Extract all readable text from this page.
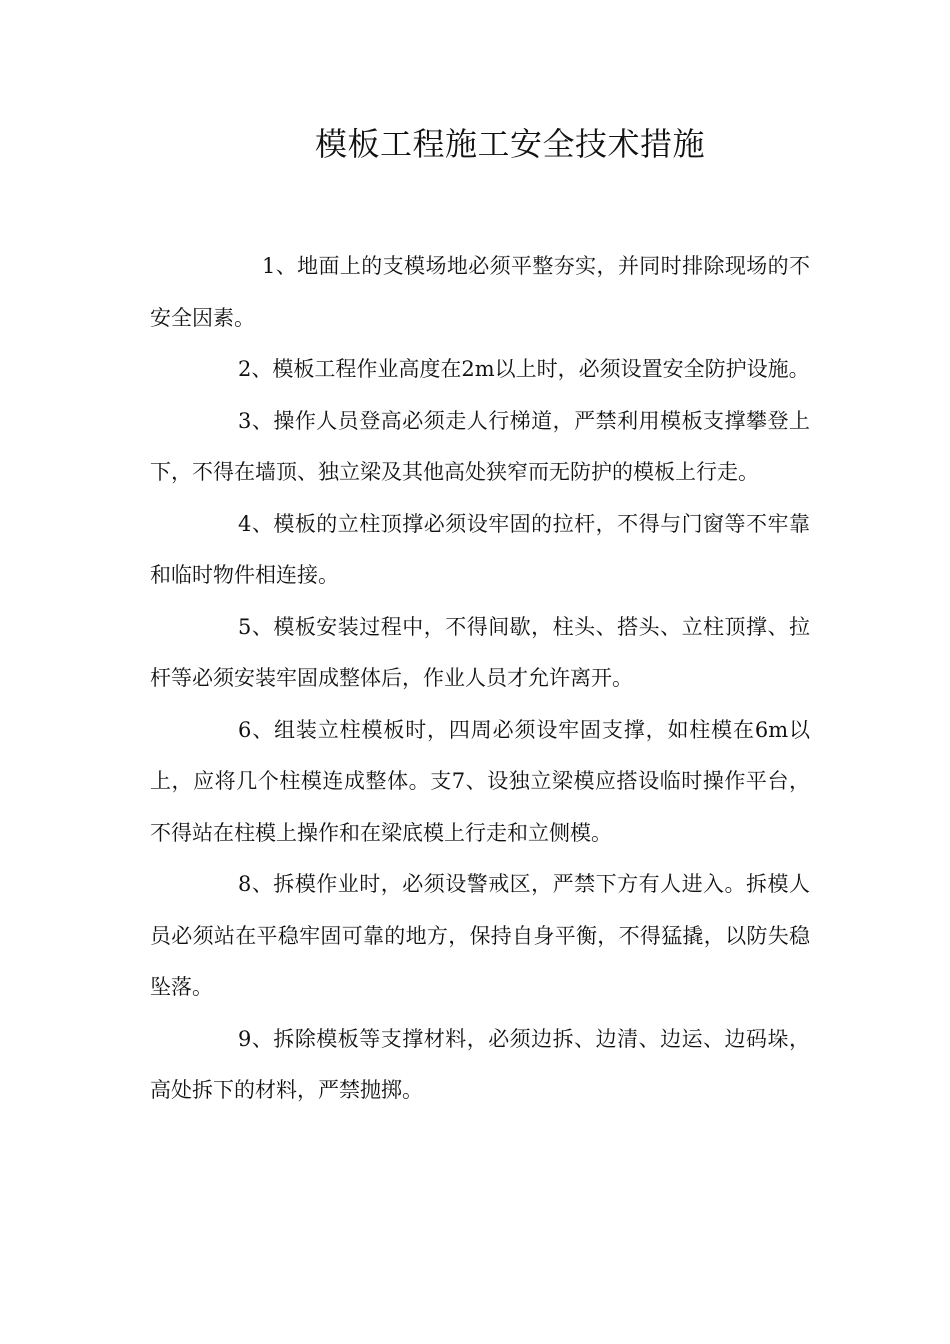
模板工程施工安全技术措施

1、地面上的支模场地必须平整夯实，并同时排除现场的不安全因素。

2、模板工程作业高度在2m以上时，必须设置安全防护设施。

3、操作人员登高必须走人行梯道，严禁利用模板支撑攀登上下，不得在墙顶、独立梁及其他高处狭窄而无防护的模板上行走。

4、模板的立柱顶撑必须设牢固的拉杆，不得与门窗等不牢靠和临时物件相连接。

5、模板安装过程中，不得间歇，柱头、搭头、立柱顶撑、拉杆等必须安装牢固成整体后，作业人员才允许离开。

6、组装立柱模板时，四周必须设牢固支撑，如柱模在6m以上，应将几个柱模连成整体。支7、设独立梁模应搭设临时操作平台，不得站在柱模上操作和在梁底模上行走和立侧模。

8、拆模作业时，必须设警戒区，严禁下方有人进入。拆模人员必须站在平稳牢固可靠的地方，保持自身平衡，不得猛撬，以防失稳坠落。

9、拆除模板等支撑材料，必须边拆、边清、边运、边码垛，高处拆下的材料，严禁抛掷。
